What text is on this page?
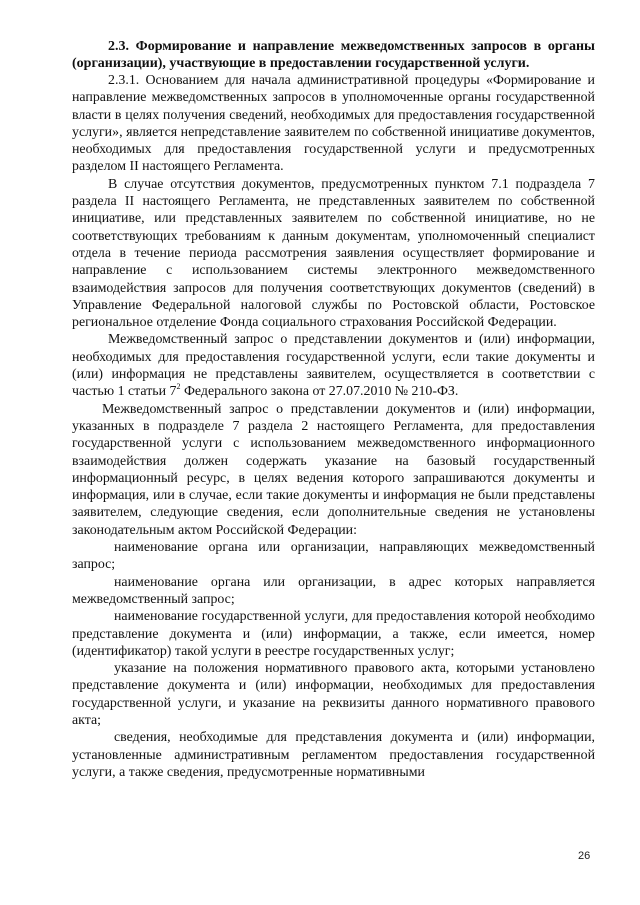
2.3. Формирование и направление межведомственных запросов в органы (организации), участвующие в предоставлении государственной услуги.

2.3.1. Основанием для начала административной процедуры «Формирование и направление межведомственных запросов в уполномоченные органы государственной власти в целях получения сведений, необходимых для предоставления государственной услуги», является непредставление заявителем по собственной инициативе документов, необходимых для предоставления государственной услуги и предусмотренных разделом II настоящего Регламента.

В случае отсутствия документов, предусмотренных пунктом 7.1 подраздела 7 раздела II настоящего Регламента, не представленных заявителем по собственной инициативе, или представленных заявителем по собственной инициативе, но не соответствующих требованиям к данным документам, уполномоченный специалист отдела в течение периода рассмотрения заявления осуществляет формирование и направление с использованием системы электронного межведомственного взаимодействия запросов для получения соответствующих документов (сведений) в Управление Федеральной налоговой службы по Ростовской области, Ростовское региональное отделение Фонда социального страхования Российской Федерации.

Межведомственный запрос о представлении документов и (или) информации, необходимых для предоставления государственной услуги, если такие документы и (или) информация не представлены заявителем, осуществляется в соответствии с частью 1 статьи $7^2$ Федерального закона от 27.07.2010 № 210-ФЗ.

Межведомственный запрос о представлении документов и (или) информации, указанных в подразделе 7 раздела 2 настоящего Регламента, для предоставления государственной услуги с использованием межведомственного информационного взаимодействия должен содержать указание на базовый государственный информационный ресурс, в целях ведения которого запрашиваются документы и информация, или в случае, если такие документы и информация не были представлены заявителем, следующие сведения, если дополнительные сведения не установлены законодательным актом Российской Федерации:

наименование органа или организации, направляющих межведомственный запрос;

наименование органа или организации, в адрес которых направляется межведомственный запрос;

наименование государственной услуги, для предоставления которой необходимо представление документа и (или) информации, а также, если имеется, номер (идентификатор) такой услуги в реестре государственных услуг;

указание на положения нормативного правового акта, которыми установлено представление документа и (или) информации, необходимых для предоставления государственной услуги, и указание на реквизиты данного нормативного правового акта;

сведения, необходимые для представления документа и (или) информации, установленные административным регламентом предоставления государственной услуги, а также сведения, предусмотренные нормативными

26
